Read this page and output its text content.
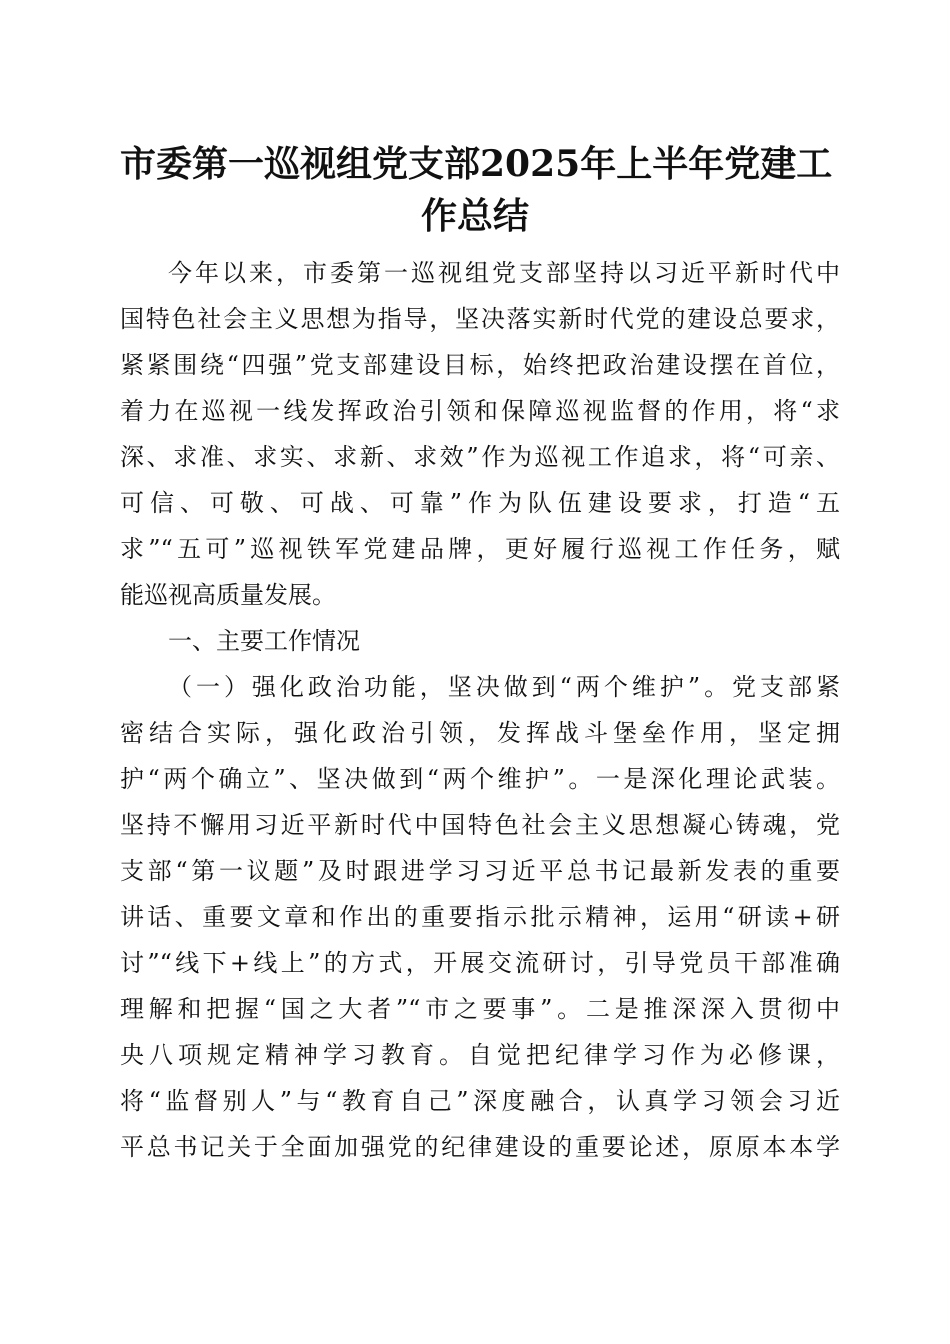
市委第一巡视组党支部2025年上半年党建工
作总结
今年以来，市委第一巡视组党支部坚持以习近平新时代中
国特色社会主义思想为指导，坚决落实新时代党的建设总要求，
紧紧围绕“四强”党支部建设目标，始终把政治建设摆在首位，
着力在巡视一线发挥政治引领和保障巡视监督的作用，将“求
深、求准、求实、求新、求效”作为巡视工作追求，将“可亲、
可信、可敬、可战、可靠”作为队伍建设要求，打造“五
求”“五可”巡视铁军党建品牌，更好履行巡视工作任务，赋
能巡视高质量发展。
一、主要工作情况
（一）强化政治功能，坚决做到“两个维护”。党支部紧
密结合实际，强化政治引领，发挥战斗堡垒作用，坚定拥
护“两个确立”、坚决做到“两个维护”。一是深化理论武装。
坚持不懈用习近平新时代中国特色社会主义思想凝心铸魂，党
支部“第一议题”及时跟进学习习近平总书记最新发表的重要
讲话、重要文章和作出的重要指示批示精神，运用“研读+研
讨”“线下+线上”的方式，开展交流研讨，引导党员干部准确
理解和把握“国之大者”“市之要事”。二是推深深入贯彻中
央八项规定精神学习教育。自觉把纪律学习作为必修课，
将“监督别人”与“教育自己”深度融合，认真学习领会习近
平总书记关于全面加强党的纪律建设的重要论述，原原本本学
